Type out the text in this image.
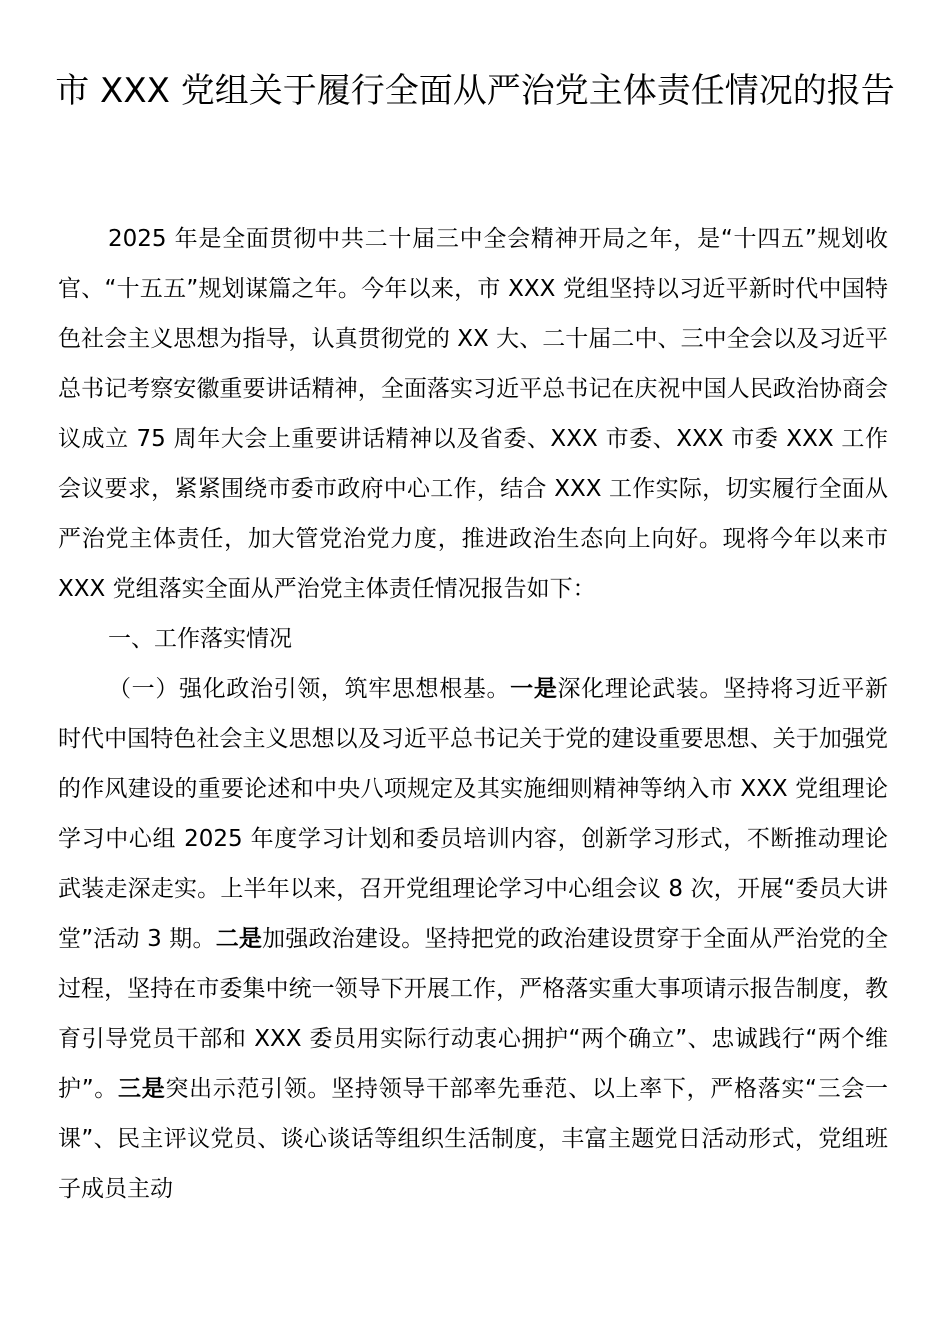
市 XXX 党组关于履行全面从严治党主体责任情况的报告

2025 年是全面贯彻中共二十届三中全会精神开局之年，是“十四五”规划收官、“十五五”规划谋篇之年。今年以来，市 XXX 党组坚持以习近平新时代中国特色社会主义思想为指导，认真贯彻党的 XX 大、二十届二中、三中全会以及习近平总书记考察安徽重要讲话精神，全面落实习近平总书记在庆祝中国人民政治协商会议成立 75 周年大会上重要讲话精神以及省委、XXX 市委、XXX 市委 XXX 工作会议要求，紧紧围绕市委市政府中心工作，结合 XXX 工作实际，切实履行全面从严治党主体责任，加大管党治党力度，推进政治生态向上向好。现将今年以来市 XXX 党组落实全面从严治党主体责任情况报告如下：

一、工作落实情况

（一）强化政治引领，筑牢思想根基。一是深化理论武装。坚持将习近平新时代中国特色社会主义思想以及习近平总书记关于党的建设重要思想、关于加强党的作风建设的重要论述和中央八项规定及其实施细则精神等纳入市 XXX 党组理论学习中心组 2025 年度学习计划和委员培训内容，创新学习形式，不断推动理论武装走深走实。上半年以来，召开党组理论学习中心组会议 8 次，开展“委员大讲堂”活动 3 期。二是加强政治建设。坚持把党的政治建设贯穿于全面从严治党的全过程，坚持在市委集中统一领导下开展工作，严格落实重大事项请示报告制度，教育引导党员干部和 XXX 委员用实际行动衷心拥护“两个确立”、忠诚践行“两个维护”。三是突出示范引领。坚持领导干部率先垂范、以上率下，严格落实“三会一课”、民主评议党员、谈心谈话等组织生活制度，丰富主题党日活动形式，党组班子成员主动
